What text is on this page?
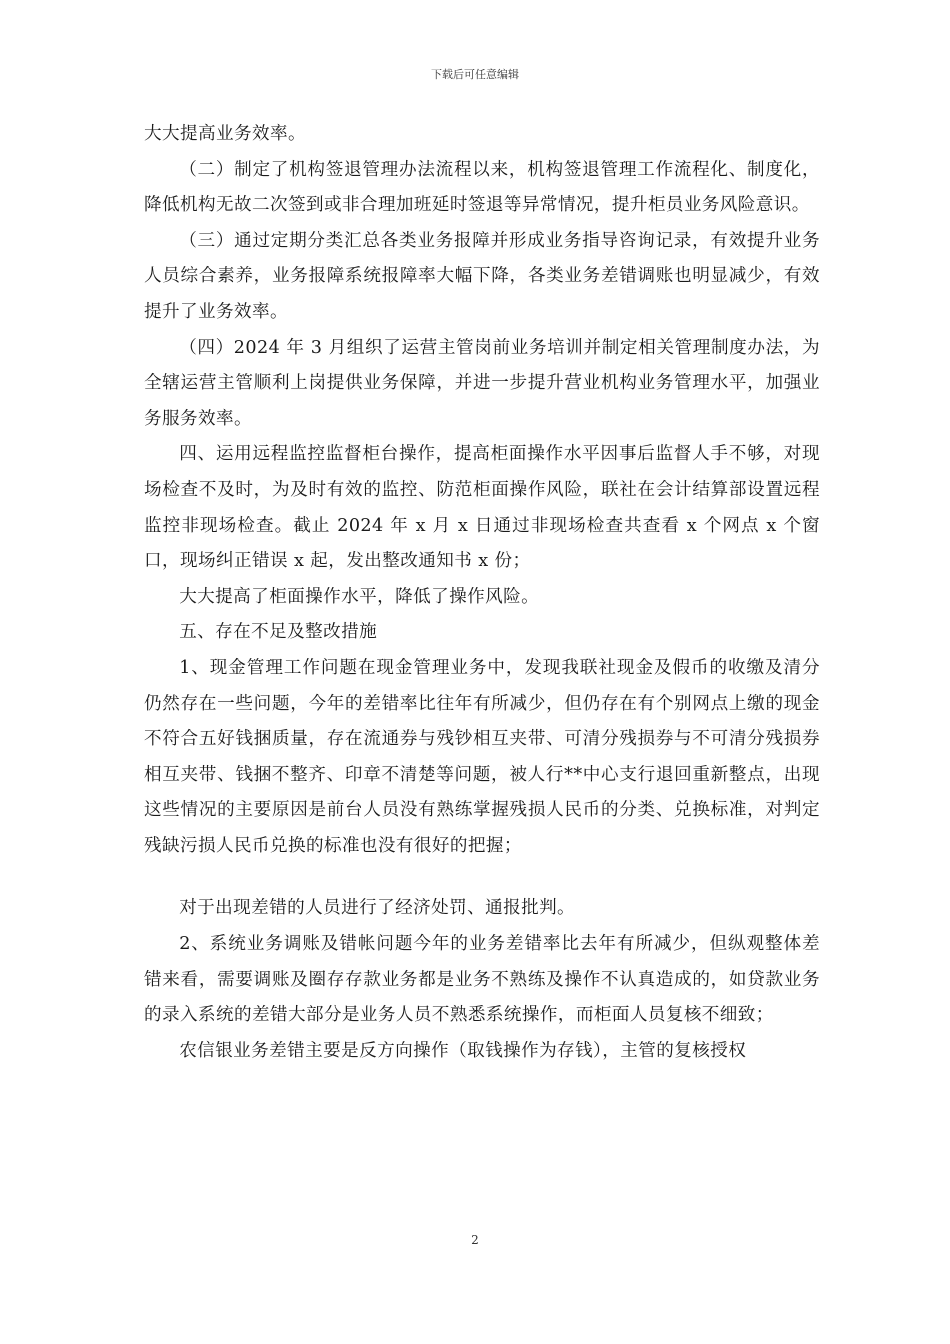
下载后可任意编辑

大大提高业务效率。

（二）制定了机构签退管理办法流程以来，机构签退管理工作流程化、制度化，降低机构无故二次签到或非合理加班延时签退等异常情况，提升柜员业务风险意识。

（三）通过定期分类汇总各类业务报障并形成业务指导咨询记录，有效提升业务人员综合素养，业务报障系统报障率大幅下降，各类业务差错调账也明显减少，有效提升了业务效率。

（四）2024 年 3 月组织了运营主管岗前业务培训并制定相关管理制度办法，为全辖运营主管顺利上岗提供业务保障，并进一步提升营业机构业务管理水平，加强业务服务效率。

四、运用远程监控监督柜台操作，提高柜面操作水平因事后监督人手不够，对现场检查不及时，为及时有效的监控、防范柜面操作风险，联社在会计结算部设置远程监控非现场检查。截止 2024 年 x 月 x 日通过非现场检查共查看 x 个网点 x 个窗口，现场纠正错误 x 起，发出整改通知书 x 份；

大大提高了柜面操作水平，降低了操作风险。

五、存在不足及整改措施

1、现金管理工作问题在现金管理业务中，发现我联社现金及假币的收缴及清分仍然存在一些问题，今年的差错率比往年有所减少，但仍存在有个别网点上缴的现金不符合五好钱捆质量，存在流通券与残钞相互夹带、可清分残损券与不可清分残损券相互夹带、钱捆不整齐、印章不清楚等问题，被人行**中心支行退回重新整点，出现这些情况的主要原因是前台人员没有熟练掌握残损人民币的分类、兑换标准，对判定残缺污损人民币兑换的标准也没有很好的把握；

对于出现差错的人员进行了经济处罚、通报批判。

2、系统业务调账及错帐问题今年的业务差错率比去年有所减少，但纵观整体差错来看，需要调账及圈存存款业务都是业务不熟练及操作不认真造成的，如贷款业务的录入系统的差错大部分是业务人员不熟悉系统操作，而柜面人员复核不细致；

农信银业务差错主要是反方向操作（取钱操作为存钱），主管的复核授权

2
